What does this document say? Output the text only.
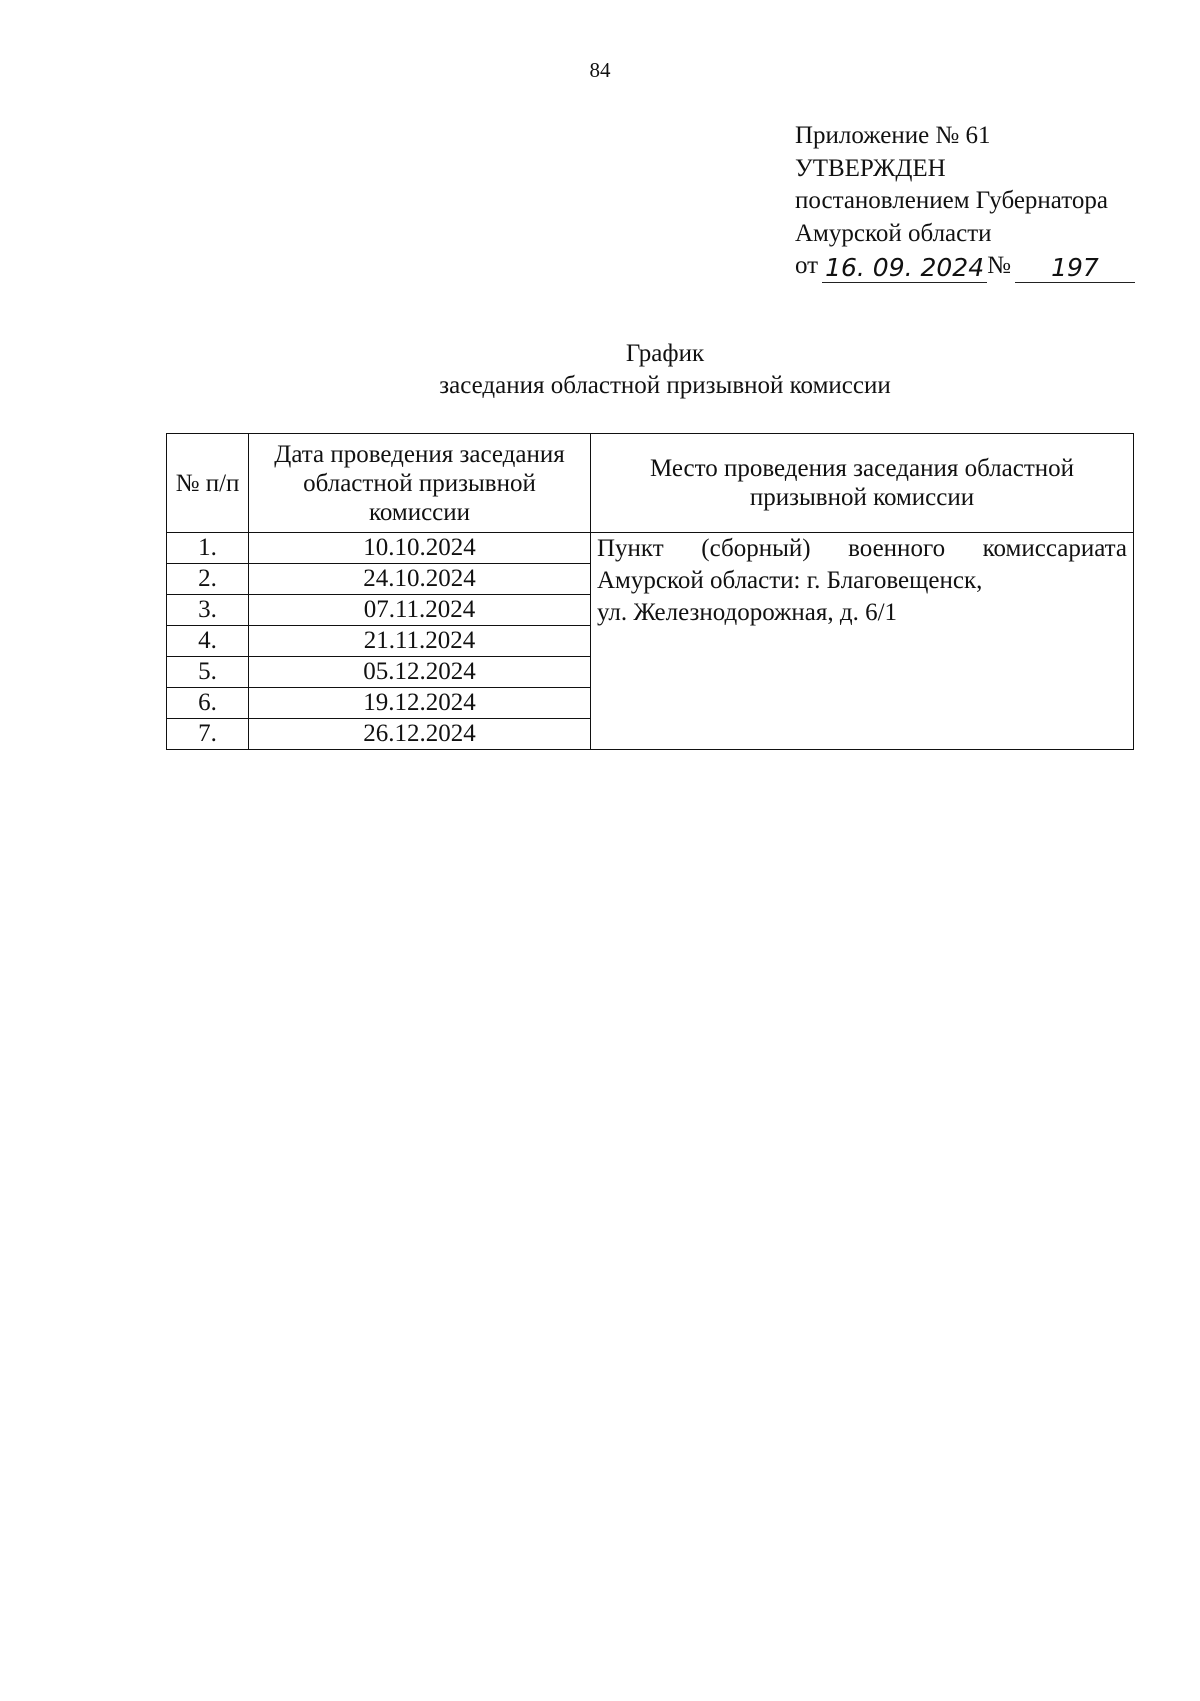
84
Приложение № 61
УТВЕРЖДЕН
постановлением Губернатора
Амурской области
от 16. 09. 2024 №	197
График
заседания областной призывной комиссии
№ п/п	Дата проведения заседания областной призывной комиссии	Место проведения заседания областной призывной комиссии
1.	10.10.2024	Пункт (сборный) военного комиссариата
Амурской области: г. Благовещенск,
ул. Железнодорожная, д. 6/1

2.	24.10.2024	
3.	07.11.2024	
4.	21.11.2024	
5.	05.12.2024	
6.	19.12.2024	
7.	26.12.2024	
